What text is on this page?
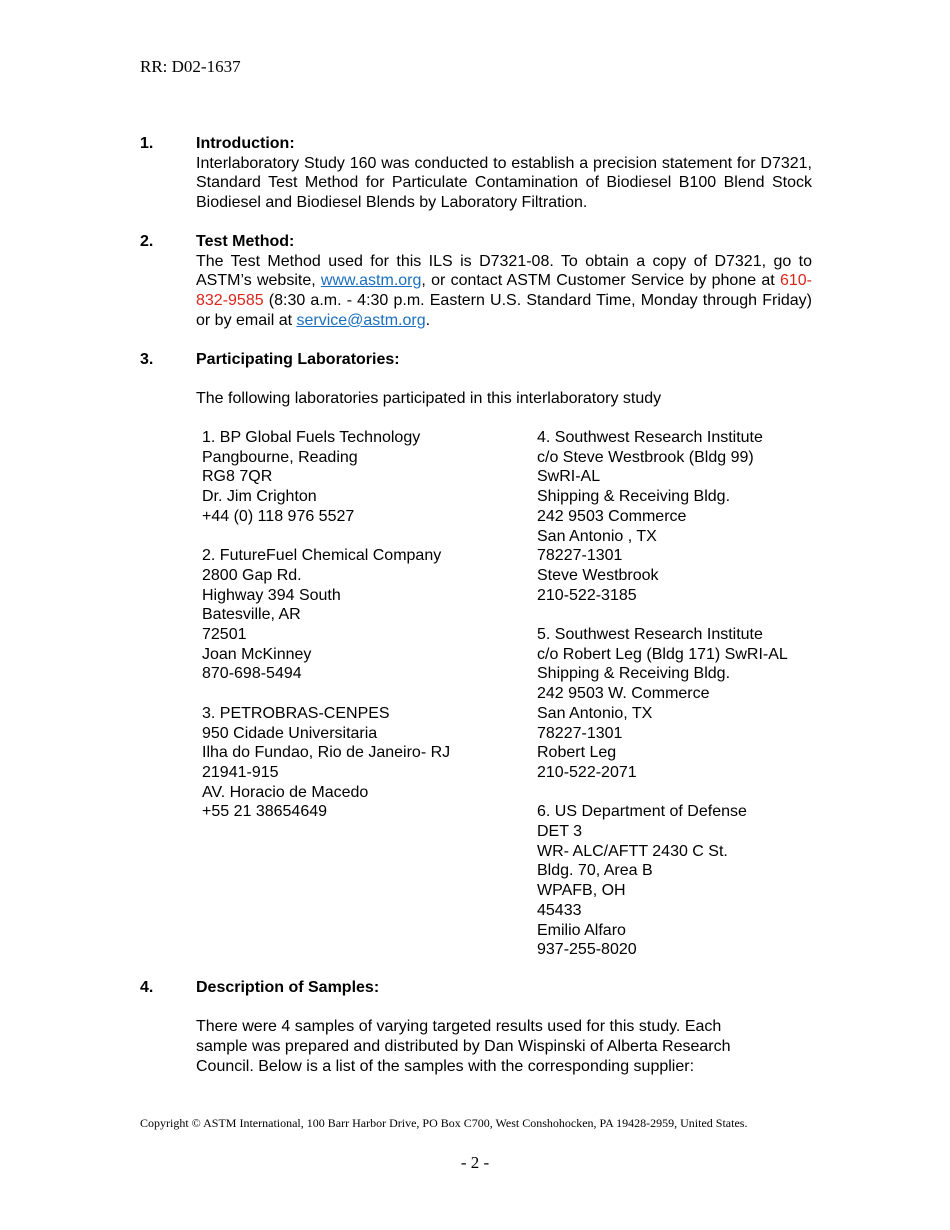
RR: D02-1637
1.	Introduction:
Interlaboratory Study 160 was conducted to establish a precision statement for D7321, Standard Test Method for Particulate Contamination of Biodiesel B100 Blend Stock Biodiesel and Biodiesel Blends by Laboratory Filtration.
2.	Test Method:
The Test Method used for this ILS is D7321-08. To obtain a copy of D7321, go to ASTM’s website, www.astm.org, or contact ASTM Customer Service by phone at 610-832-9585 (8:30 a.m. - 4:30 p.m. Eastern U.S. Standard Time, Monday through Friday) or by email at service@astm.org.
3.	Participating Laboratories:
The following laboratories participated in this interlaboratory study
1. BP Global Fuels Technology
Pangbourne, Reading
RG8 7QR
Dr. Jim Crighton
+44 (0) 118 976 5527
2. FutureFuel Chemical Company
2800 Gap Rd.
Highway 394 South
Batesville, AR
72501
Joan McKinney
870-698-5494
3. PETROBRAS-CENPES
950 Cidade Universitaria
Ilha do Fundao, Rio de Janeiro- RJ
21941-915
AV. Horacio de Macedo
+55 21 38654649
4. Southwest Research Institute
c/o Steve Westbrook (Bldg 99)
SwRI-AL
Shipping & Receiving Bldg.
242 9503 Commerce
San Antonio , TX
78227-1301
Steve Westbrook
210-522-3185
5. Southwest Research Institute
c/o Robert Leg (Bldg 171) SwRI-AL
Shipping & Receiving Bldg.
242 9503 W. Commerce
San Antonio, TX
78227-1301
Robert Leg
210-522-2071
6. US Department of Defense
DET 3
WR- ALC/AFTT 2430 C St.
Bldg. 70, Area B
WPAFB, OH
45433
Emilio Alfaro
937-255-8020
4.	Description of Samples:
There were 4 samples of varying targeted results used for this study. Each sample was prepared and distributed by Dan Wispinski of Alberta Research Council. Below is a list of the samples with the corresponding supplier:
Copyright © ASTM International, 100 Barr Harbor Drive, PO Box C700, West Conshohocken, PA 19428-2959, United States.
- 2 -
